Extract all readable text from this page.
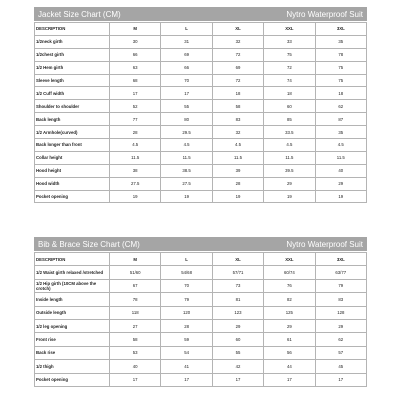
Jacket Size Chart (CM)	Nytro Waterproof Suit
DESCRIPTION	M	L	XL	XXL	3XL
1/2neck girth	30	31	32	33	35
1/2chest girth	66	69	72	75	78
1/2 Hem girth	63	66	69	72	75
Sleeve length	68	70	72	74	75
1/2 Cuff width	17	17	18	18	18
Shoulder to shoulder	52	55	58	60	62
Back length	77	80	83	85	87
1/2 Armhole(curved)	28	29.5	32	33.5	35
Back longer than front	4.5	4.5	4.5	4.5	4.5
Collar height	11.5	11.5	11.5	11.5	11.5
Hood height	38	38.5	39	39.5	40
Hood width	27.5	27.5	28	29	29
Pocket opening	19	19	19	19	19
Bib & Brace Size Chart (CM)	Nytro Waterproof Suit
DESCRIPTION	M	L	XL	XXL	3XL
1/2 Waist girth relaxed /stretched	51/60	54/68	57/71	60/74	63/77
1/2 Hip girth (10CM above the crotch)	67	70	73	76	79
Inside length	78	79	81	82	83
Outside length	118	120	123	125	128
1/2 leg opening	27	28	29	29	29
Front rise	58	59	60	61	62
Back rise	53	54	55	56	57
1/2 thigh	40	41	42	44	45
Pocket opening	17	17	17	17	17
